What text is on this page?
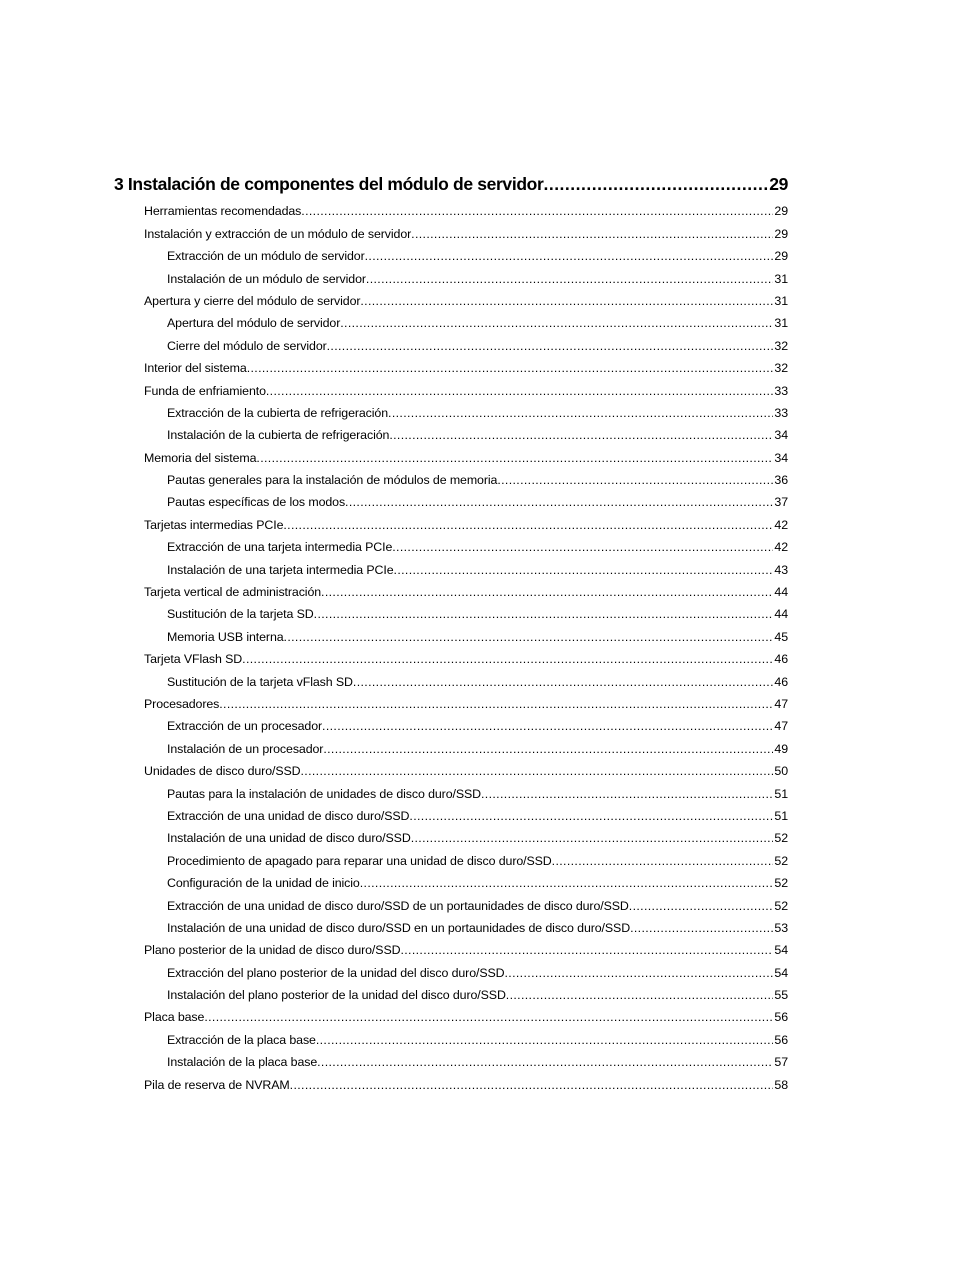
3 Instalación de componentes del módulo de servidor .....	29
Herramientas recomendadas .....	29
Instalación y extracción de un módulo de servidor .....	29
Extracción de un módulo de servidor .....	29
Instalación de un módulo de servidor .....	31
Apertura y cierre del módulo de servidor .....	31
Apertura del módulo de servidor .....	31
Cierre del módulo de servidor .....	32
Interior del sistema .....	32
Funda de enfriamiento .....	33
Extracción de la cubierta de refrigeración .....	33
Instalación de la cubierta de refrigeración .....	34
Memoria del sistema .....	34
Pautas generales para la instalación de módulos de memoria .....	36
Pautas específicas de los modos .....	37
Tarjetas intermedias PCIe .....	42
Extracción de una tarjeta intermedia PCIe .....	42
Instalación de una tarjeta intermedia PCIe .....	43
Tarjeta vertical de administración .....	44
Sustitución de la tarjeta SD .....	44
Memoria USB interna .....	45
Tarjeta VFlash SD .....	46
Sustitución de la tarjeta vFlash SD .....	46
Procesadores .....	47
Extracción de un procesador .....	47
Instalación de un procesador .....	49
Unidades de disco duro/SSD .....	50
Pautas para la instalación de unidades de disco duro/SSD .....	51
Extracción de una unidad de disco duro/SSD .....	51
Instalación de una unidad de disco duro/SSD .....	52
Procedimiento de apagado para reparar una unidad de disco duro/SSD .....	52
Configuración de la unidad de inicio .....	52
Extracción de una unidad de disco duro/SSD de un portaunidades de disco duro/SSD .....	52
Instalación de una unidad de disco duro/SSD en un portaunidades de disco duro/SSD .....	53
Plano posterior de la unidad de disco duro/SSD .....	54
Extracción del plano posterior de la unidad del disco duro/SSD .....	54
Instalación del plano posterior de la unidad del disco duro/SSD .....	55
Placa base .....	56
Extracción de la placa base .....	56
Instalación de la placa base .....	57
Pila de reserva de NVRAM .....	58
